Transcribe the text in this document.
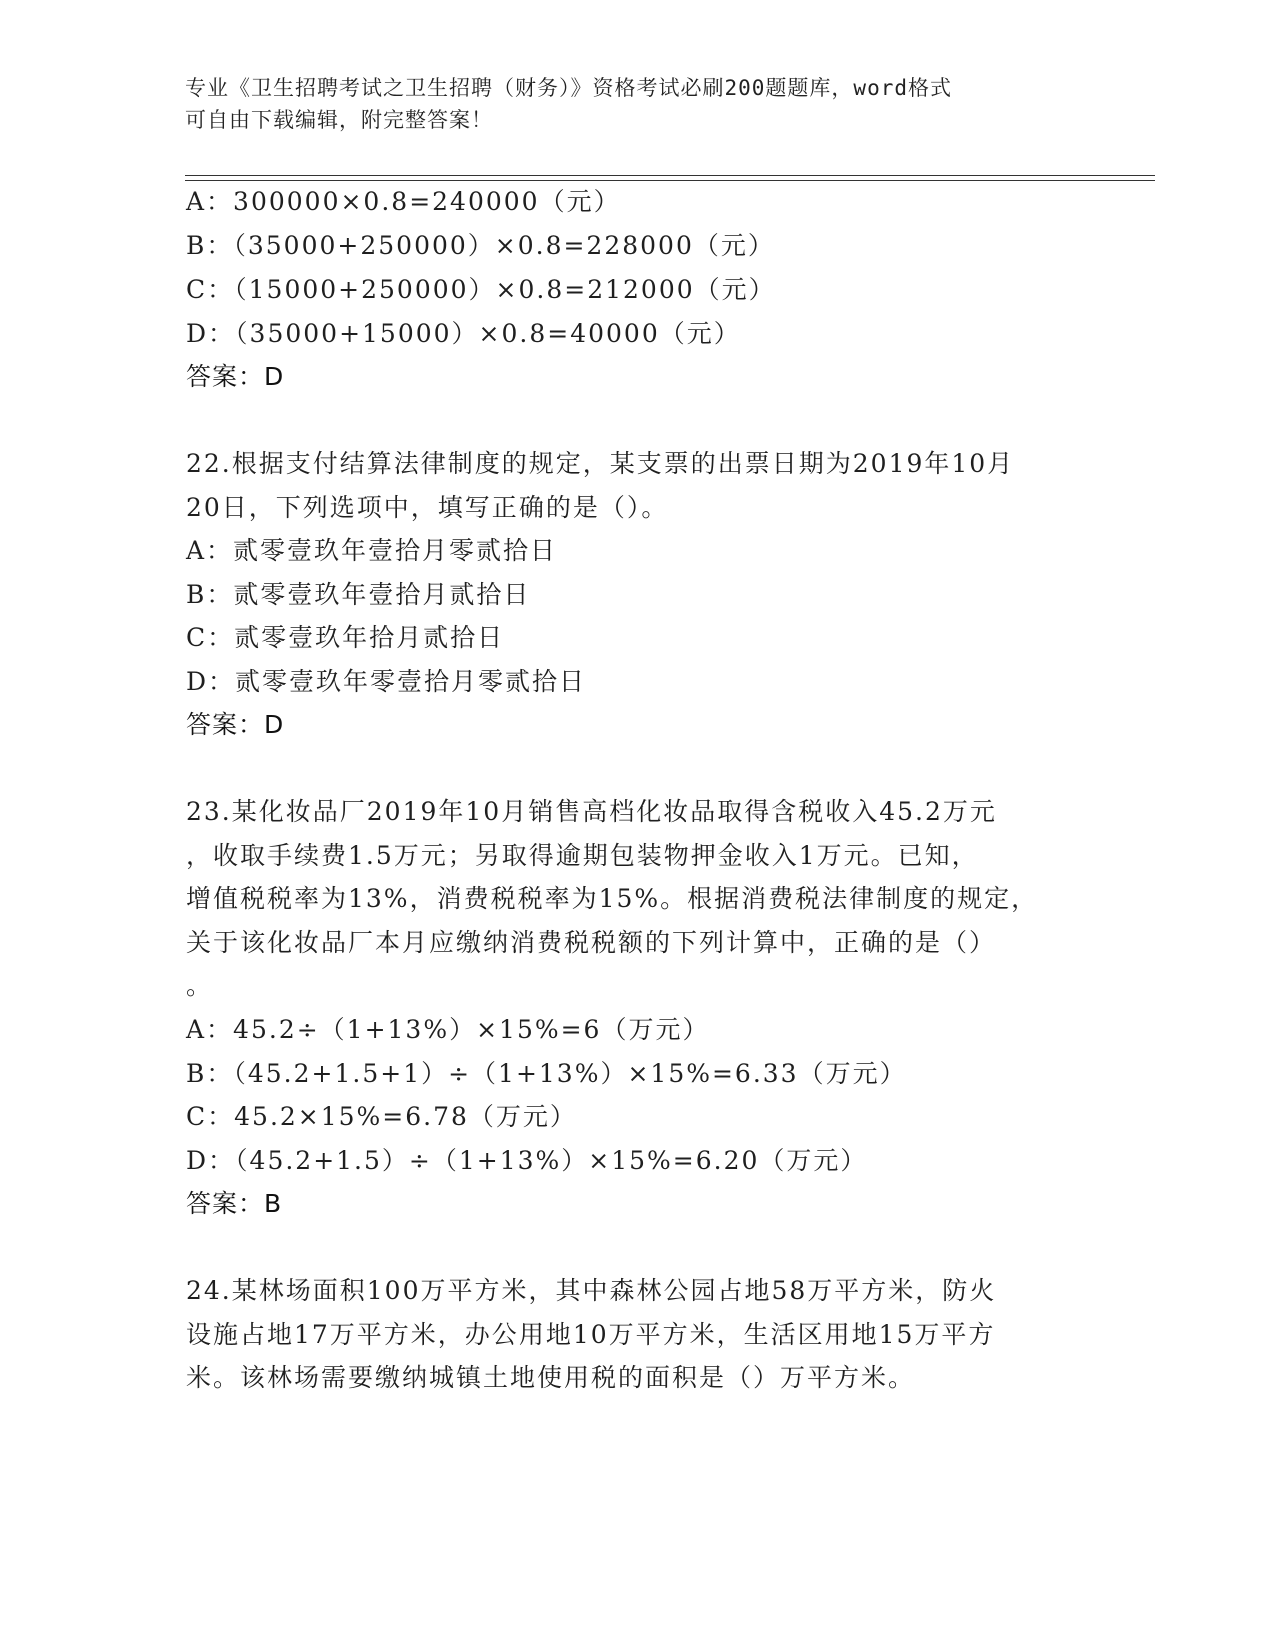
专业《卫生招聘考试之卫生招聘（财务）》资格考试必刷200题题库，word格式
可自由下载编辑，附完整答案！
A：300000×0.8=240000（元）
B：（35000+250000）×0.8=228000（元）
C：（15000+250000）×0.8=212000（元）
D：（35000+15000）×0.8=40000（元）
答案：D
22.根据支付结算法律制度的规定，某支票的出票日期为2019年10月
20日，下列选项中，填写正确的是（）。
A：贰零壹玖年壹拾月零贰拾日
B：贰零壹玖年壹拾月贰拾日
C：贰零壹玖年拾月贰拾日
D：贰零壹玖年零壹拾月零贰拾日
答案：D
23.某化妆品厂2019年10月销售高档化妆品取得含税收入45.2万元
，收取手续费1.5万元；另取得逾期包装物押金收入1万元。已知，
增值税税率为13%，消费税税率为15%。根据消费税法律制度的规定，
关于该化妆品厂本月应缴纳消费税税额的下列计算中，正确的是（）
。
A：45.2÷（1+13%）×15%=6（万元）
B：（45.2+1.5+1）÷（1+13%）×15%=6.33（万元）
C：45.2×15%=6.78（万元）
D：（45.2+1.5）÷（1+13%）×15%=6.20（万元）
答案：B
24.某林场面积100万平方米，其中森林公园占地58万平方米，防火
设施占地17万平方米，办公用地10万平方米，生活区用地15万平方
米。该林场需要缴纳城镇土地使用税的面积是（）万平方米。
